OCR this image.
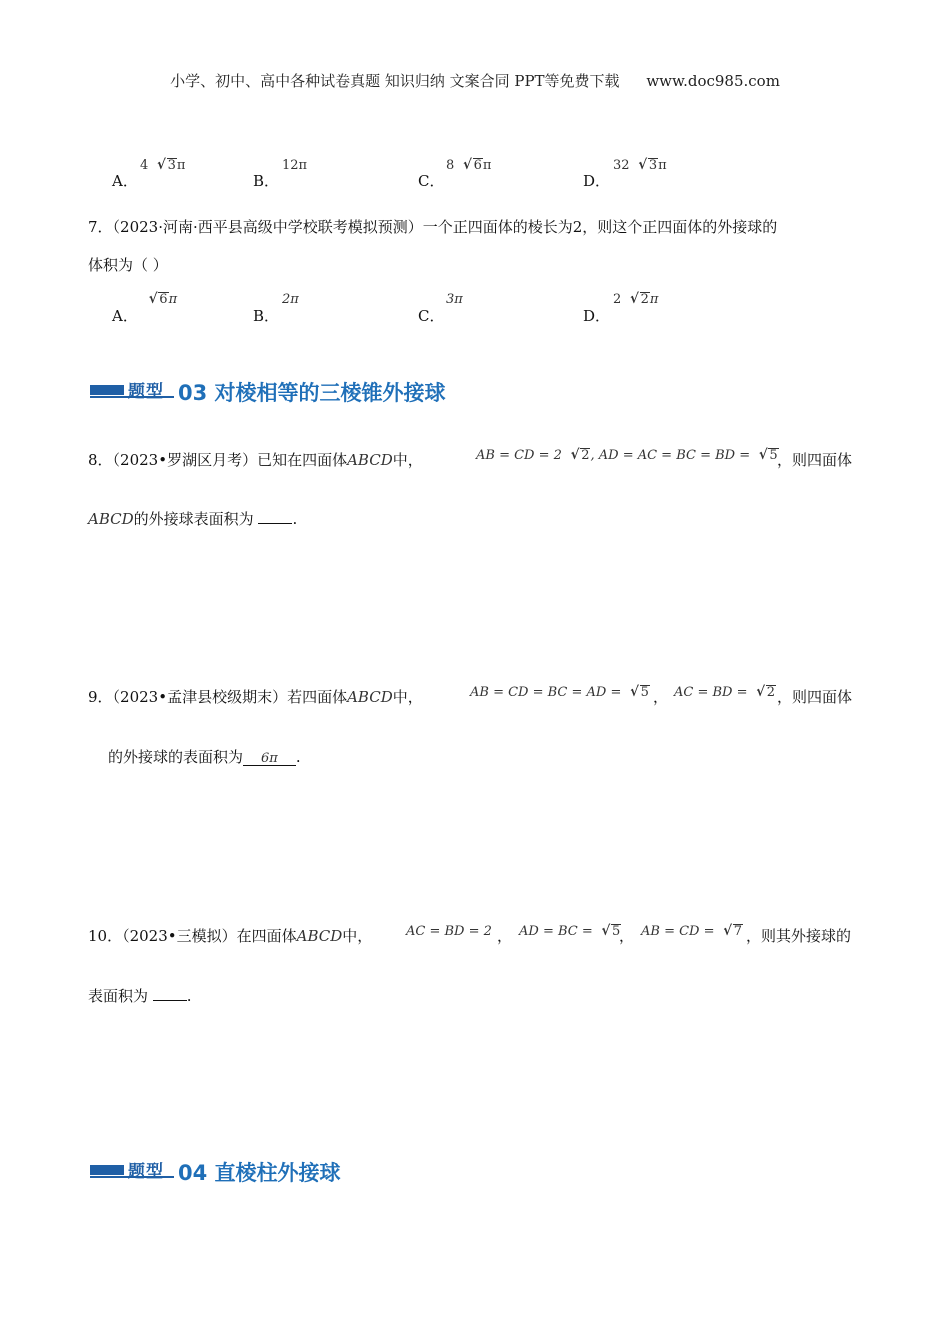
小学、初中、高中各种试卷真题 知识归纳 文案合同 PPT等免费下载 www.doc985.com
A．
4 √ √ 3π
B．
12π
C．
8 √ √ 6π
D．
32 √ √ 3π
7．（2023·河南·西平县高级中学校联考模拟预测）一个正四面体的棱长为2，则这个正四面体的外接球的
体积为（ ）
A．
√ √ 6π
B．
2π
C．
3π
D．
2 √ √ 2π
题型 03 对棱相等的三棱锥外接球
8．（2023•罗湖区月考）已知在四面体ABCD中，	AB = CD = 2 √ √ 2, AD = AC = BC = BD = √ √ 5 ，则四面体
ABCD的外接球表面积为	.
9．（2023•孟津县校级期末）若四面体ABCD中，	AB = CD = BC = AD = √ √ 5 ， AC = BD = √ √ 2 ，则四面体
的外接球的表面积为 6π .
10．（2023•三模拟）在四面体ABCD中，	AC = BD = 2 ， AD = BC = √ √ 5
， AB = CD = √ √ 7 ，则其外接球的
表面积为	.
题型 04 直棱柱外接球
